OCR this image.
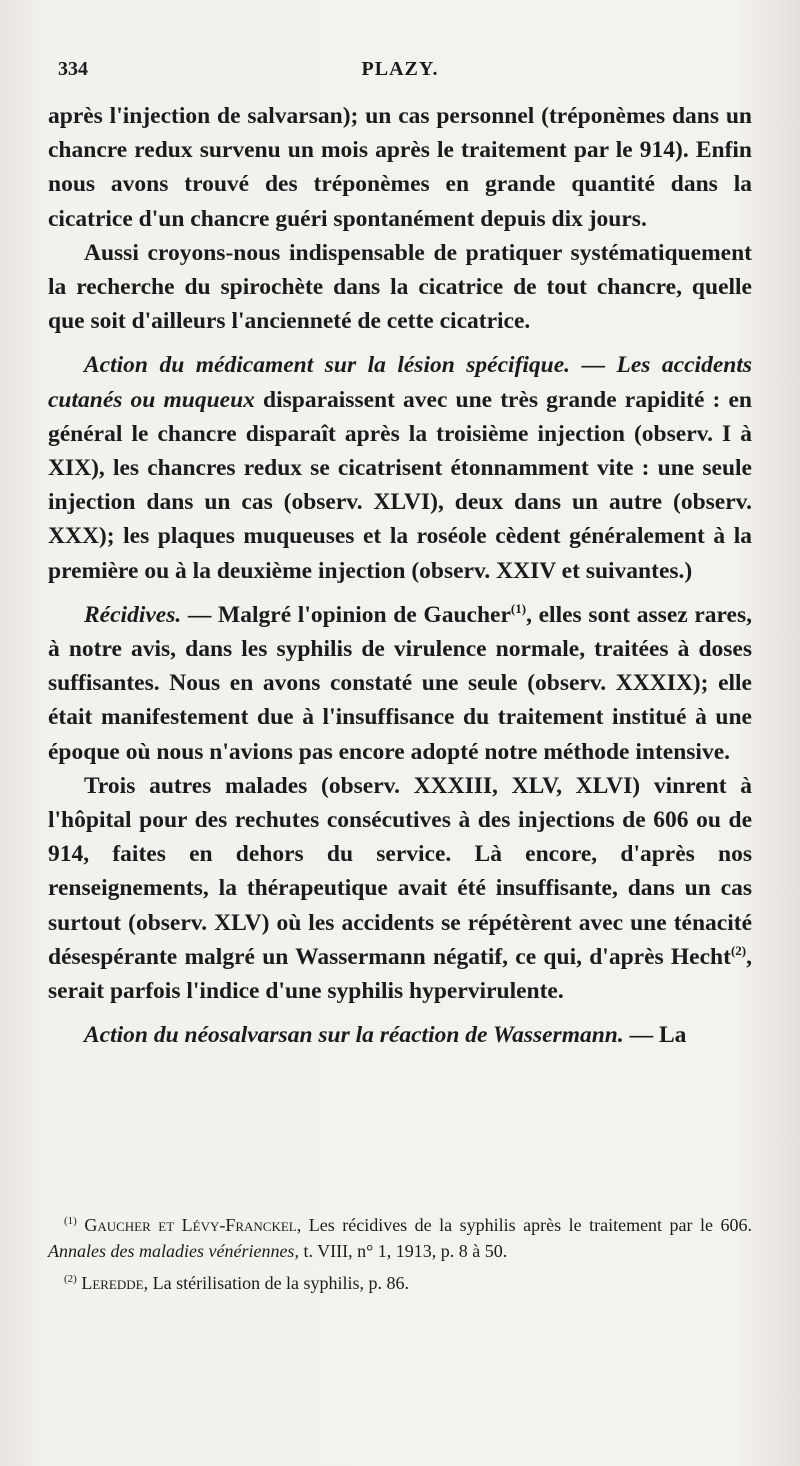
334	PLAZY.

après l'injection de salvarsan); un cas personnel (tréponèmes dans un chancre redux survenu un mois après le traitement par le 914). Enfin nous avons trouvé des tréponèmes en grande quantité dans la cicatrice d'un chancre guéri spontanément depuis dix jours.

Aussi croyons-nous indispensable de pratiquer systématiquement la recherche du spirochète dans la cicatrice de tout chancre, quelle que soit d'ailleurs l'ancienneté de cette cicatrice.

Action du médicament sur la lésion spécifique. — Les accidents cutanés ou muqueux disparaissent avec une très grande rapidité : en général le chancre disparaît après la troisième injection (observ. I à XIX), les chancres redux se cicatrisent étonnamment vite : une seule injection dans un cas (observ. XLVI), deux dans un autre (observ. XXX); les plaques muqueuses et la roséole cèdent généralement à la première ou à la deuxième injection (observ. XXIV et suivantes.)

Récidives. — Malgré l'opinion de Gaucher$^{(1)}$, elles sont assez rares, à notre avis, dans les syphilis de virulence normale, traitées à doses suffisantes. Nous en avons constaté une seule (observ. XXXIX); elle était manifestement due à l'insuffisance du traitement institué à une époque où nous n'avions pas encore adopté notre méthode intensive.

Trois autres malades (observ. XXXIII, XLV, XLVI) vinrent à l'hôpital pour des rechutes consécutives à des injections de 606 ou de 914, faites en dehors du service. Là encore, d'après nos renseignements, la thérapeutique avait été insuffisante, dans un cas surtout (observ. XLV) où les accidents se répétèrent avec une ténacité désespérante malgré un Wassermann négatif, ce qui, d'après Hecht$^{(2)}$, serait parfois l'indice d'une syphilis hypervirulente.

Action du néosalvarsan sur la réaction de Wassermann. — La

$^{(1)}$ Gaucher et Lévy-Franckel, Les récidives de la syphilis après le traitement par le 606. Annales des maladies vénériennes, t. VIII, n° 1, 1913, p. 8 à 50.

$^{(2)}$ Leredde, La stérilisation de la syphilis, p. 86.
